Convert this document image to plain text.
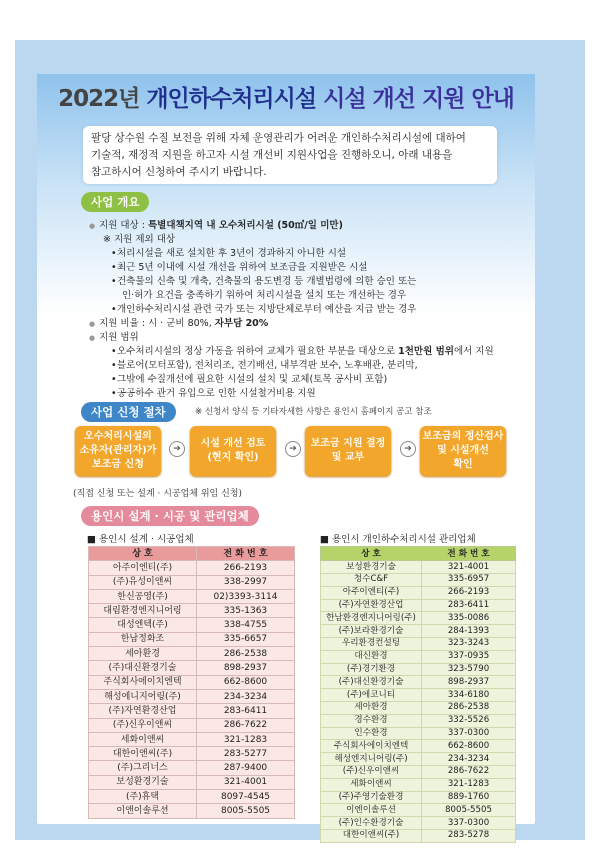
2022년 개인하수처리시설 시설 개선 지원 안내
팔당 상수원 수질 보전을 위해 자체 운영관리가 어려운 개인하수처리시설에 대하여
기술적, 재정적 지원을 하고자 시설 개선비 지원사업을 진행하오니, 아래 내용을
참고하시어 신청하여 주시기 바랍니다.
사업 개요
● 지원 대상 : 특별대책지역 내 오수처리시설 (50㎥/일 미만)
※ 지원 제외 대상
• 처리시설을 새로 설치한 후 3년이 경과하지 아니한 시설
• 최근 5년 이내에 시설 개선을 위하여 보조금을 지원받은 시설
• 건축물의 신축 및 개축, 건축물의 용도변경 등 개별법령에 의한 승인 또는
인·허가 요건을 충족하기 위하여 처리시설을 설치 또는 개선하는 경우
• 개인하수처리시설 관련 국가 또는 지방단체로부터 예산을 지급 받는 경우
● 지원 비율 : 시 · 군비 80%, 자부담 20%
● 지원 범위
• 오수처리시설의 정상 가동을 위하여 교체가 필요한 부분을 대상으로 1천만원 범위에서 지원
• 블로어(모터포함), 전처리조, 전기배선, 내부격판 보수, 노후배관, 분리막,
• 그밖에 수질개선에 필요한 시설의 설치 및 교체(토목 공사비 포함)
• 공공하수 관거 유입으로 인한 시설철거비용 지원
사업 신청 절차	※ 신청서 양식 등 기타자세한 사항은 용인시 홈페이지 공고 참조
오수처리시설의
소유자(관리자)가
보조금 신청
➔	시설 개선 검토
(현지 확인)
➔	보조금 지원 결정
및 교부
➔
보조금의 정산검사
및 시설개선
확인
(직접 신청 또는 설계 · 시공업체 위임 신청)
용인시 설계 · 시공 및 관리업체
■ 용인시 설계 · 시공업체	■ 용인시 개인하수처리시설 관리업체
상 호	전 화 번 호
아주이엔티(주)	266-2193
(주)유성이앤씨	338-2997
한신공영(주)	02)3393-3114
대림환경엔지니어링	335-1363
대성엔텍(주)	338-4755
한남정화조	335-6657
세아환경	286-2538
(주)대신환경기술	898-2937
주식회사에이치엔텍	662-8600
해성에니지어링(주)	234-3234
(주)자연환경산업	283-6411
(주)신우이앤씨	286-7622
세화이앤씨	321-1283
대한이앤씨(주)	283-5277
(주)그리너스	287-9400
보성환경기술	321-4001
(주)휴택	8097-4545
이앤이솔루션	8005-5505
상 호	전 화 번 호
보성환경기술	321-4001
청수C&F	335-6957
아주이엔티(주)	266-2193
(주)자연환경산업	283-6411
한남환경엔지니어링(주)	335-0086
(주)보라환경기술	284-1393
우리환경컨설팅	323-3243
대신환경	337-0935
(주)경기환경	323-5790
(주)대신환경기술	898-2937
(주)에코니티	334-6180
세아환경	286-2538
경수환경	332-5526
인수환경	337-0300
주식회사에이치엔텍	662-8600
해성엔지니어링(주)	234-3234
(주)신우이앤씨	286-7622
세화이앤씨	321-1283
(주)주영기술환경	889-1760
이엔이솔루션	8005-5505
(주)인수환경기술	337-0300
대한이앤씨(주)	283-5278
